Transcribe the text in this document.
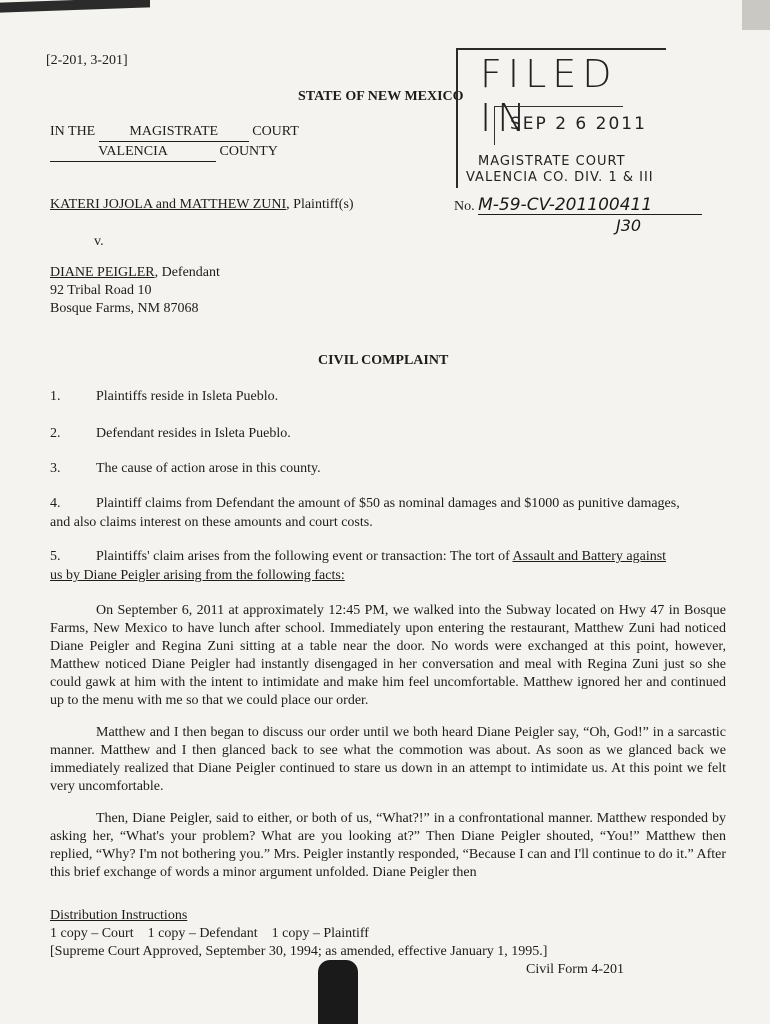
[2-201, 3-201]
STATE OF NEW MEXICO
IN THE MAGISTRATE COURT
VALENCIA	COUNTY
FILED IN
SEP 2 6 2011
MAGISTRATE COURT
VALENCIA CO. DIV. 1 & III
KATERI JOJOLA and MATTHEW ZUNI, Plaintiff(s)	No. M-59-CV-201100411
J30
v.
DIANE PEIGLER, Defendant
92 Tribal Road 10
Bosque Farms, NM 87068
CIVIL COMPLAINT
1.	Plaintiffs reside in Isleta Pueblo.
2.	Defendant resides in Isleta Pueblo.
3.	The cause of action arose in this county.
4.	Plaintiff claims from Defendant the amount of $50 as nominal damages and $1000 as punitive damages,
and also claims interest on these amounts and court costs.
5.	Plaintiffs' claim arises from the following event or transaction: The tort of Assault and Battery against
us by Diane Peigler arising from the following facts:
On September 6, 2011 at approximately 12:45 PM, we walked into the Subway located on Hwy 47 in Bosque Farms, New Mexico to have lunch after school. Immediately upon entering the restaurant, Matthew Zuni had noticed Diane Peigler and Regina Zuni sitting at a table near the door. No words were exchanged at this point, however, Matthew noticed Diane Peigler had instantly disengaged in her conversation and meal with Regina Zuni just so she could gawk at him with the intent to intimidate and make him feel uncomfortable. Matthew ignored her and continued up to the menu with me so that we could place our order.
Matthew and I then began to discuss our order until we both heard Diane Peigler say, “Oh, God!” in a sarcastic manner. Matthew and I then glanced back to see what the commotion was about. As soon as we glanced back we immediately realized that Diane Peigler continued to stare us down in an attempt to intimidate us. At this point we felt very uncomfortable.
Then, Diane Peigler, said to either, or both of us, “What?!” in a confrontational manner. Matthew responded by asking her, “What's your problem? What are you looking at?” Then Diane Peigler shouted, “You!” Matthew then replied, “Why? I'm not bothering you.” Mrs. Peigler instantly responded, “Because I can and I'll continue to do it.” After this brief exchange of words a minor argument unfolded. Diane Peigler then
Distribution Instructions
1 copy – Court    1 copy – Defendant    1 copy – Plaintiff
[Supreme Court Approved, September 30, 1994; as amended, effective January 1, 1995.]
Civil Form 4-201
